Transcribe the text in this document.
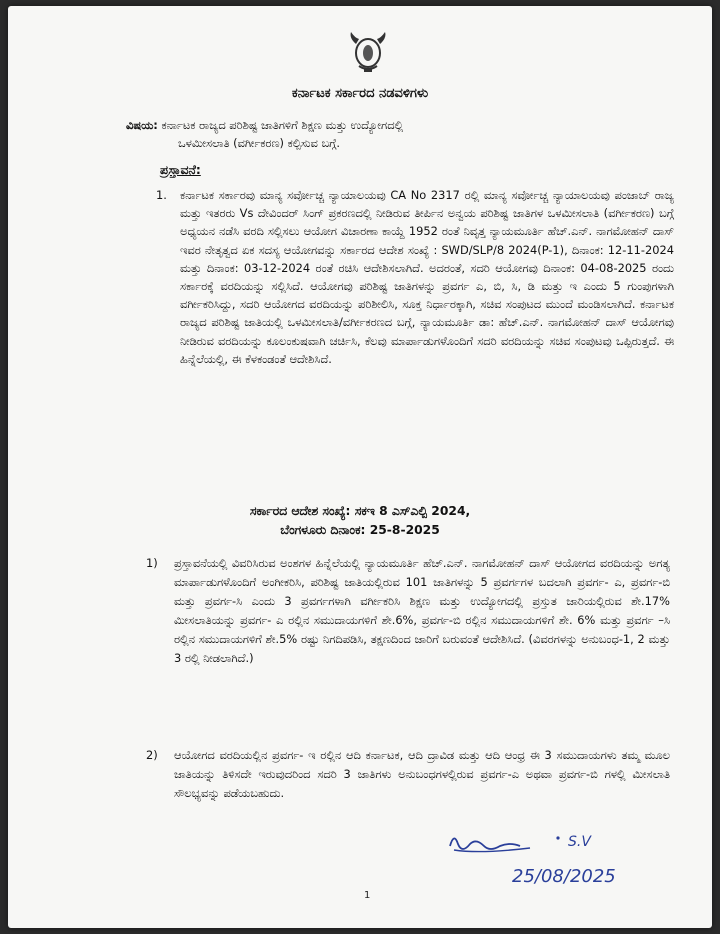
ಕರ್ನಾಟಕ ಸರ್ಕಾರದ ನಡವಳಿಗಳು
ವಿಷಯ: ಕರ್ನಾಟಕ ರಾಜ್ಯದ ಪರಿಶಿಷ್ಟ ಜಾತಿಗಳಿಗೆ ಶಿಕ್ಷಣ ಮತ್ತು ಉದ್ಯೋಗದಲ್ಲಿ
ಒಳಮೀಸಲಾತಿ (ವರ್ಗೀಕರಣ) ಕಲ್ಪಿಸುವ ಬಗ್ಗೆ.
ಪ್ರಸ್ತಾವನೆ:
1. ಕರ್ನಾಟಕ ಸರ್ಕಾರವು ಮಾನ್ಯ ಸರ್ವೋಚ್ಚ ನ್ಯಾಯಾಲಯವು CA No 2317 ರಲ್ಲಿ ಮಾನ್ಯ ಸರ್ವೋಚ್ಚ ನ್ಯಾಯಾಲಯವು ಪಂಜಾಬ್ ರಾಜ್ಯ ಮತ್ತು ಇತರರು Vs ದೇವಿಂದರ್ ಸಿಂಗ್ ಪ್ರಕರಣದಲ್ಲಿ ನೀಡಿರುವ ತೀರ್ಪಿನ ಅನ್ವಯ ಪರಿಶಿಷ್ಟ ಜಾತಿಗಳ ಒಳಮೀಸಲಾತಿ (ವರ್ಗೀಕರಣ) ಬಗ್ಗೆ ಅಧ್ಯಯನ ನಡೆಸಿ ವರದಿ ಸಲ್ಲಿಸಲು ಆಯೋಗ ವಿಚಾರಣಾ ಕಾಯ್ದೆ 1952 ರಂತೆ ನಿವೃತ್ತ ನ್ಯಾಯಮೂರ್ತಿ ಹೆಚ್.ಎನ್. ನಾಗಮೋಹನ್ ದಾಸ್ ಇವರ ನೇತೃತ್ವದ ಏಕ ಸದಸ್ಯ ಆಯೋಗವನ್ನು ಸರ್ಕಾರದ ಆದೇಶ ಸಂಖ್ಯೆ : SWD/SLP/8 2024(P-1), ದಿನಾಂಕ: 12-11-2024 ಮತ್ತು ದಿನಾಂಕ: 03-12-2024 ರಂತೆ ರಚಿಸಿ ಆದೇಶಿಸಲಾಗಿದೆ. ಅದರಂತೆ, ಸದರಿ ಆಯೋಗವು ದಿನಾಂಕ: 04-08-2025 ರಂದು ಸರ್ಕಾರಕ್ಕೆ ವರದಿಯನ್ನು ಸಲ್ಲಿಸಿದೆ. ಆಯೋಗವು ಪರಿಶಿಷ್ಟ ಜಾತಿಗಳನ್ನು ಪ್ರವರ್ಗ ಎ, ಬಿ, ಸಿ, ಡಿ ಮತ್ತು ಇ ಎಂದು 5 ಗುಂಪುಗಳಾಗಿ ವರ್ಗೀಕರಿಸಿದ್ದು, ಸದರಿ ಆಯೋಗದ ವರದಿಯನ್ನು ಪರಿಶೀಲಿಸಿ, ಸೂಕ್ತ ನಿರ್ಧಾರಕ್ಕಾಗಿ, ಸಚಿವ ಸಂಪುಟದ ಮುಂದೆ ಮಂಡಿಸಲಾಗಿದೆ. ಕರ್ನಾಟಕ ರಾಜ್ಯದ ಪರಿಶಿಷ್ಟ ಜಾತಿಯಲ್ಲಿ ಒಳಮೀಸಲಾತಿ/ವರ್ಗೀಕರಣದ ಬಗ್ಗೆ, ನ್ಯಾಯಮೂರ್ತಿ ಡಾ: ಹೆಚ್.ಎನ್. ನಾಗಮೋಹನ್ ದಾಸ್ ಆಯೋಗವು ನೀಡಿರುವ ವರದಿಯನ್ನು ಕೂಲಂಕುಷವಾಗಿ ಚರ್ಚಿಸಿ, ಕೆಲವು ಮಾರ್ಪಾಡುಗಳೊಂದಿಗೆ ಸದರಿ ವರದಿಯನ್ನು ಸಚಿವ ಸಂಪುಟವು ಒಪ್ಪಿರುತ್ತದೆ. ಈ ಹಿನ್ನೆಲೆಯಲ್ಲಿ, ಈ ಕೆಳಕಂಡಂತೆ ಆದೇಶಿಸಿದೆ.
ಸರ್ಕಾರದ ಆದೇಶ ಸಂಖ್ಯೆ: ಸಕಇ 8 ಎಸ್ಎಲ್ಪಿ 2024,
ಬೆಂಗಳೂರು ದಿನಾಂಕ: 25-8-2025
1) ಪ್ರಸ್ತಾವನೆಯಲ್ಲಿ ವಿವರಿಸಿರುವ ಅಂಶಗಳ ಹಿನ್ನೆಲೆಯಲ್ಲಿ ನ್ಯಾಯಮೂರ್ತಿ ಹೆಚ್.ಎನ್. ನಾಗಮೋಹನ್ ದಾಸ್ ಆಯೋಗದ ವರದಿಯನ್ನು ಅಗತ್ಯ ಮಾರ್ಪಾಡುಗಳೊಂದಿಗೆ ಅಂಗೀಕರಿಸಿ, ಪರಿಶಿಷ್ಟ ಜಾತಿಯಲ್ಲಿರುವ 101 ಜಾತಿಗಳನ್ನು 5 ಪ್ರವರ್ಗಗಳ ಬದಲಾಗಿ ಪ್ರವರ್ಗ- ಎ, ಪ್ರವರ್ಗ-ಬಿ ಮತ್ತು ಪ್ರವರ್ಗ-ಸಿ ಎಂದು 3 ಪ್ರವರ್ಗಗಳಾಗಿ ವರ್ಗೀಕರಿಸಿ ಶಿಕ್ಷಣ ಮತ್ತು ಉದ್ಯೋಗದಲ್ಲಿ ಪ್ರಸ್ತುತ ಜಾರಿಯಲ್ಲಿರುವ ಶೇ.17% ಮೀಸಲಾತಿಯನ್ನು ಪ್ರವರ್ಗ- ಎ ರಲ್ಲಿನ ಸಮುದಾಯಗಳಿಗೆ ಶೇ.6%, ಪ್ರವರ್ಗ-ಬಿ ರಲ್ಲಿನ ಸಮುದಾಯಗಳಿಗೆ ಶೇ. 6% ಮತ್ತು ಪ್ರವರ್ಗ –ಸಿ ರಲ್ಲಿನ ಸಮುದಾಯಗಳಿಗೆ ಶೇ.5% ರಷ್ಟು ನಿಗದಿಪಡಿಸಿ, ತಕ್ಷಣದಿಂದ ಜಾರಿಗೆ ಬರುವಂತೆ ಆದೇಶಿಸಿದೆ. (ವಿವರಗಳನ್ನು ಅನುಬಂಧ-1, 2 ಮತ್ತು 3 ರಲ್ಲಿ ನೀಡಲಾಗಿದೆ.)
2) ಆಯೋಗದ ವರದಿಯಲ್ಲಿನ ಪ್ರವರ್ಗ- ಇ ರಲ್ಲಿನ ಆದಿ ಕರ್ನಾಟಕ, ಆದಿ ದ್ರಾವಿಡ ಮತ್ತು ಆದಿ ಆಂಧ್ರ ಈ 3 ಸಮುದಾಯಗಳು ತಮ್ಮ ಮೂಲ ಜಾತಿಯನ್ನು ತಿಳಿಸದೇ ಇರುವುದರಿಂದ ಸದರಿ 3 ಜಾತಿಗಳು ಅನುಬಂಧಗಳಲ್ಲಿರುವ ಪ್ರವರ್ಗ-ಎ ಅಥವಾ ಪ್ರವರ್ಗ-ಬಿ ಗಳಲ್ಲಿ ಮೀಸಲಾತಿ ಸೌಲಭ್ಯವನ್ನು ಪಡೆಯಬಹುದು.
S.V
25/08/2025
1
